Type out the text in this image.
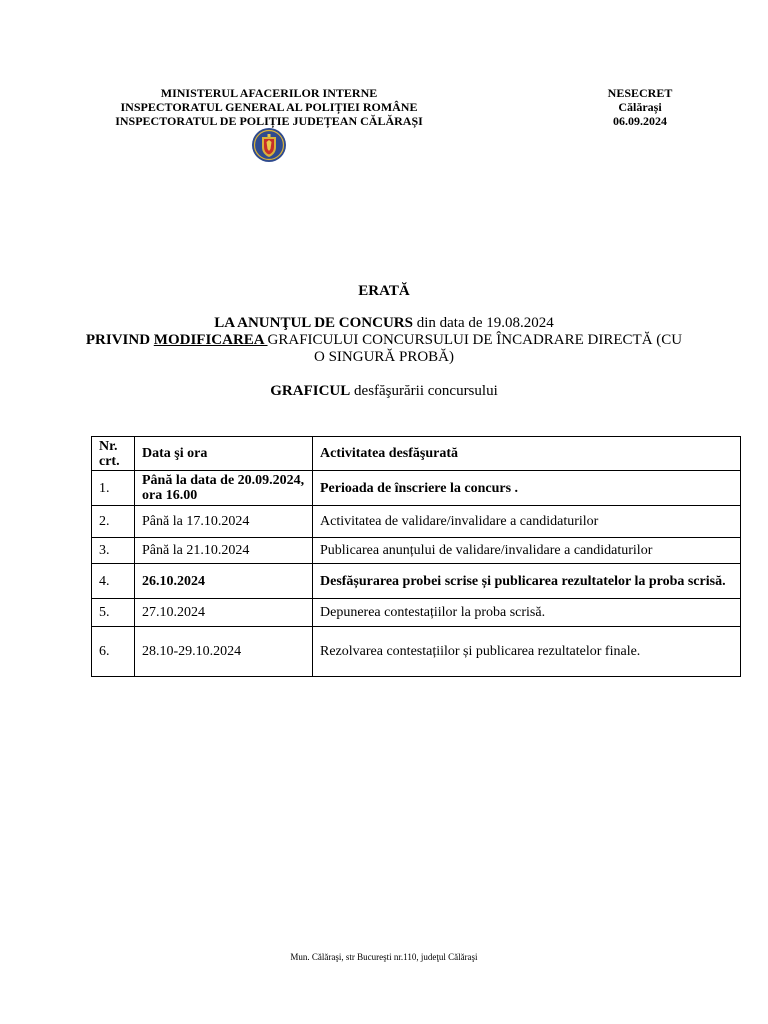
MINISTERUL AFACERILOR INTERNE
INSPECTORATUL GENERAL AL POLIȚIEI ROMÂNE
INSPECTORATUL DE POLIȚIE JUDEȚEAN CĂLĂRAȘI
NESECRET
Călărași
06.09.2024
ERATĂ
LA ANUNŢUL DE CONCURS din data de 19.08.2024
PRIVIND MODIFICAREA GRAFICULUI CONCURSULUI DE ÎNCADRARE DIRECTĂ (CU O SINGURĂ PROBĂ)
GRAFICUL desfăşurării concursului
Nr. crt.	Data şi ora	Activitatea desfăşurată
1.	Până la data de 20.09.2024, ora 16.00	Perioada de înscriere la concurs .
2.	Până la 17.10.2024	Activitatea de validare/invalidare a candidaturilor
3.	Până la 21.10.2024	Publicarea anunțului de validare/invalidare a candidaturilor
4.	26.10.2024	Desfășurarea probei scrise și publicarea rezultatelor la proba scrisă.
5.	27.10.2024	Depunerea contestațiilor la proba scrisă.
6.	28.10-29.10.2024	Rezolvarea contestațiilor și publicarea rezultatelor finale.
Mun. Călăraşi, str Bucureşti nr.110, judeţul Călăraşi
